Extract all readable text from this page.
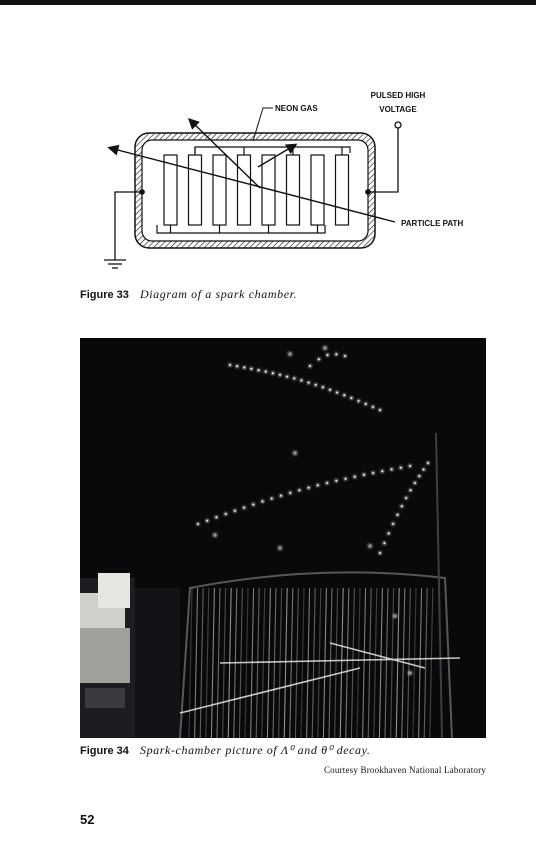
NEON GAS
PULSED HIGH
VOLTAGE
PARTICLE PATH
Figure 33 Diagram of a spark chamber.
Figure 34 Spark-chamber picture of Λ⁰ and θ⁰ decay.
Courtesy Brookhaven National Laboratory
52
